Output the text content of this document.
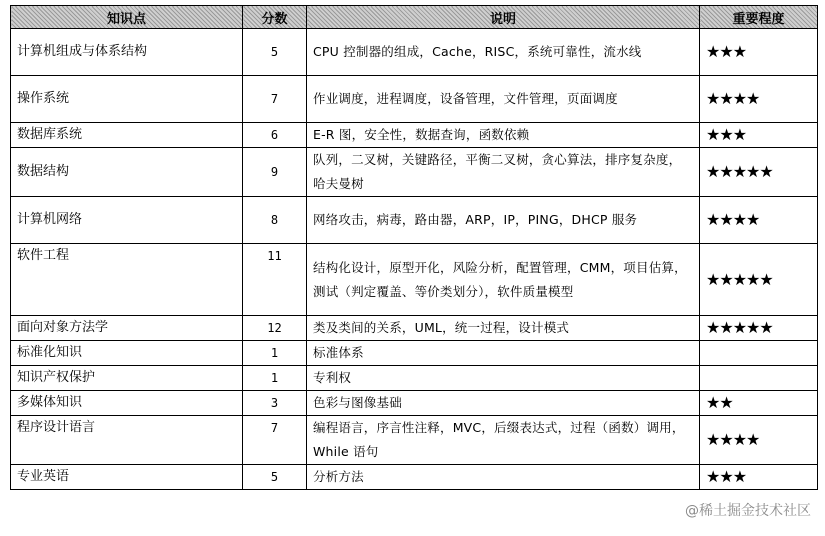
知识点	分数	说明	重要程度
计算机组成与体系结构	5	CPU 控制器的组成，Cache，RISC，系统可靠性，流水线	★★★
操作系统	7	作业调度，进程调度，设备管理，文件管理，页面调度	★★★★
数据库系统	6	E-R 图，安全性，数据查询，函数依赖	★★★
数据结构	9	队列，二叉树，关键路径，平衡二叉树，贪心算法，排序复杂度，哈夫曼树	★★★★★
计算机网络	8	网络攻击，病毒，路由器，ARP，IP，PING，DHCP 服务	★★★★
软件工程	11	结构化设计，原型开化，风险分析，配置管理，CMM，项目估算，测试（判定覆盖、等价类划分），软件质量模型	★★★★★
面向对象方法学	12	类及类间的关系，UML，统一过程，设计模式	★★★★★
标准化知识	1	标准体系	
知识产权保护	1	专利权	
多媒体知识	3	色彩与图像基础	★★
程序设计语言	7	编程语言，序言性注释，MVC，后缀表达式，过程（函数）调用，While 语句	★★★★
专业英语	5	分析方法	★★★
@稀土掘金技术社区
